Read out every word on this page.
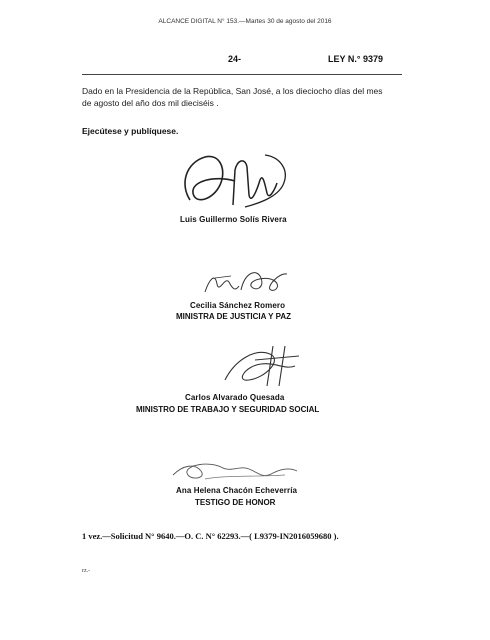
ALCANCE DIGITAL N° 153.—Martes 30 de agosto del 2016
24-	LEY N.° 9379
Dado en la Presidencia de la República, San José, a los dieciocho días del mes
de agosto del año dos mil dieciséis .
Ejecútese y publíquese.
Luis Guillermo Solís Rivera
Cecilia Sánchez Romero
MINISTRA DE JUSTICIA Y PAZ
Carlos Alvarado Quesada
MINISTRO DE TRABAJO Y SEGURIDAD SOCIAL
Ana Helena Chacón Echeverría
TESTIGO DE HONOR
1 vez.—Solicitud N° 9640.—O. C. N° 62293.—( L9379-IN2016059680 ).
rz.-
